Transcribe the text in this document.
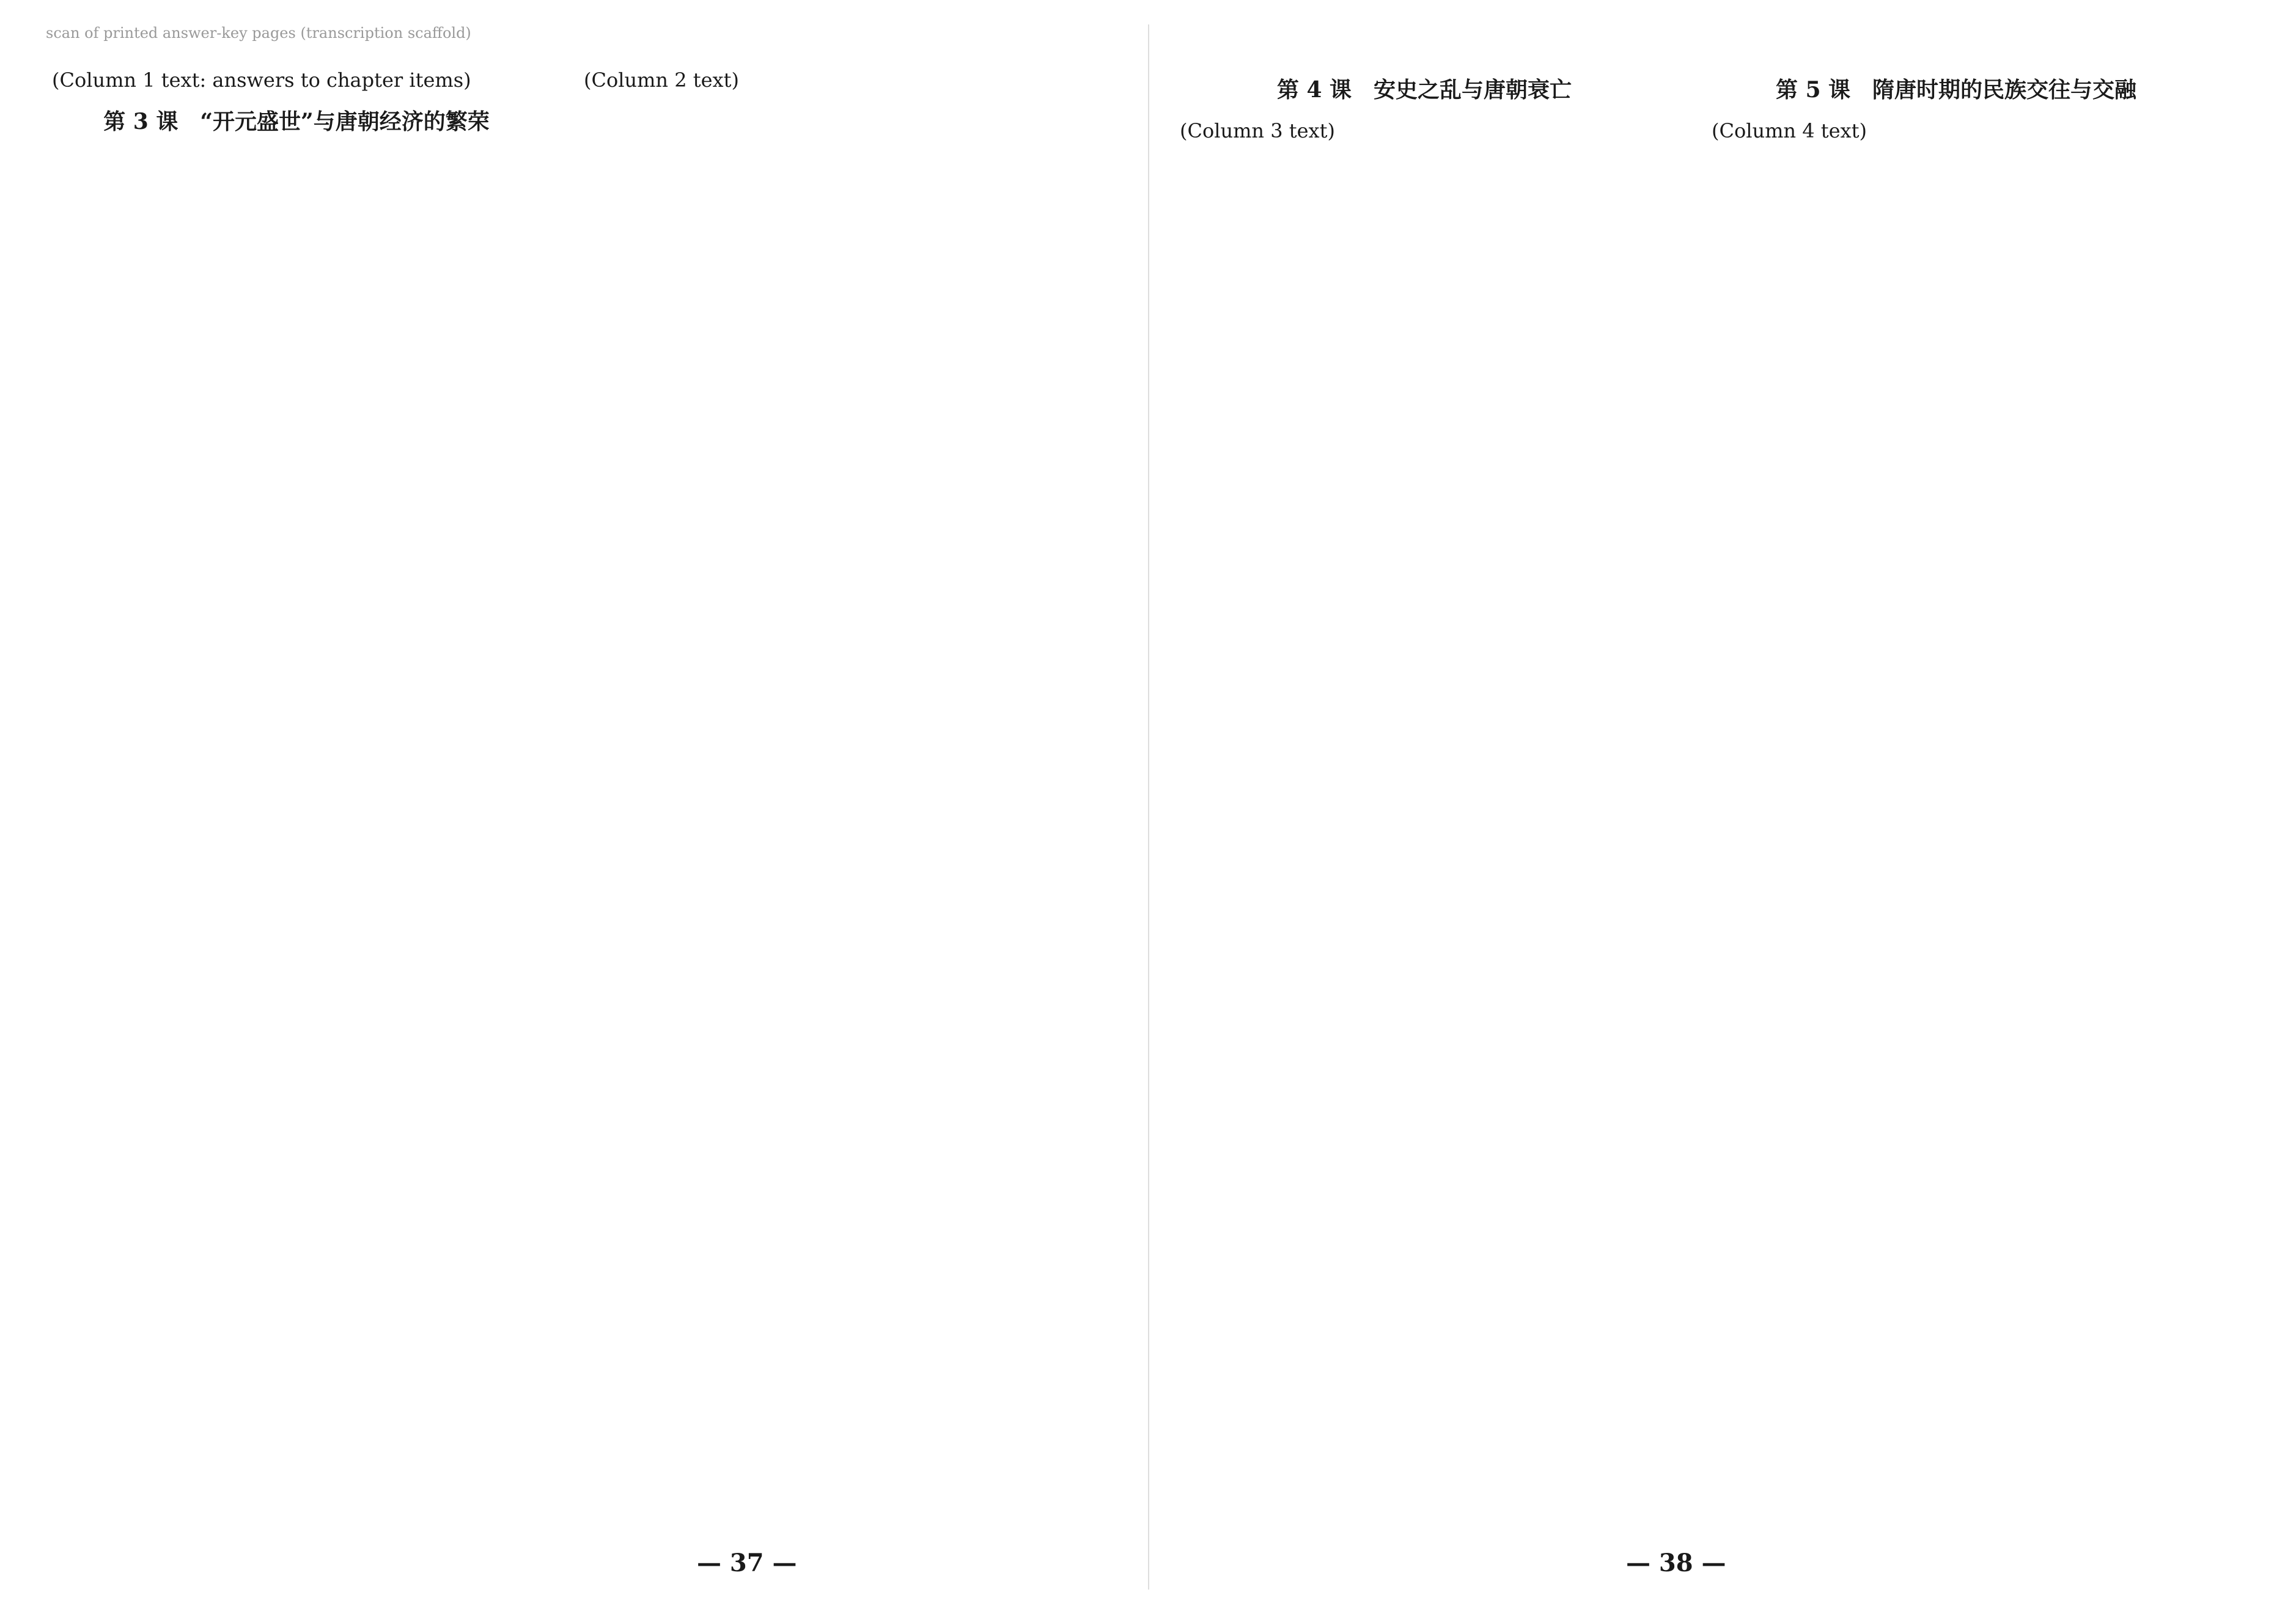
scan of printed answer-key pages (transcription scaffold)
(Column 1 text: answers to chapter items)
第 3 课　“开元盛世”与唐朝经济的繁荣
(Column 2 text)	第 4 课　安史之乱与唐朝衰亡
(Column 3 text)
第 5 课　隋唐时期的民族交往与交融
(Column 4 text)
— 37 —	— 38 —
